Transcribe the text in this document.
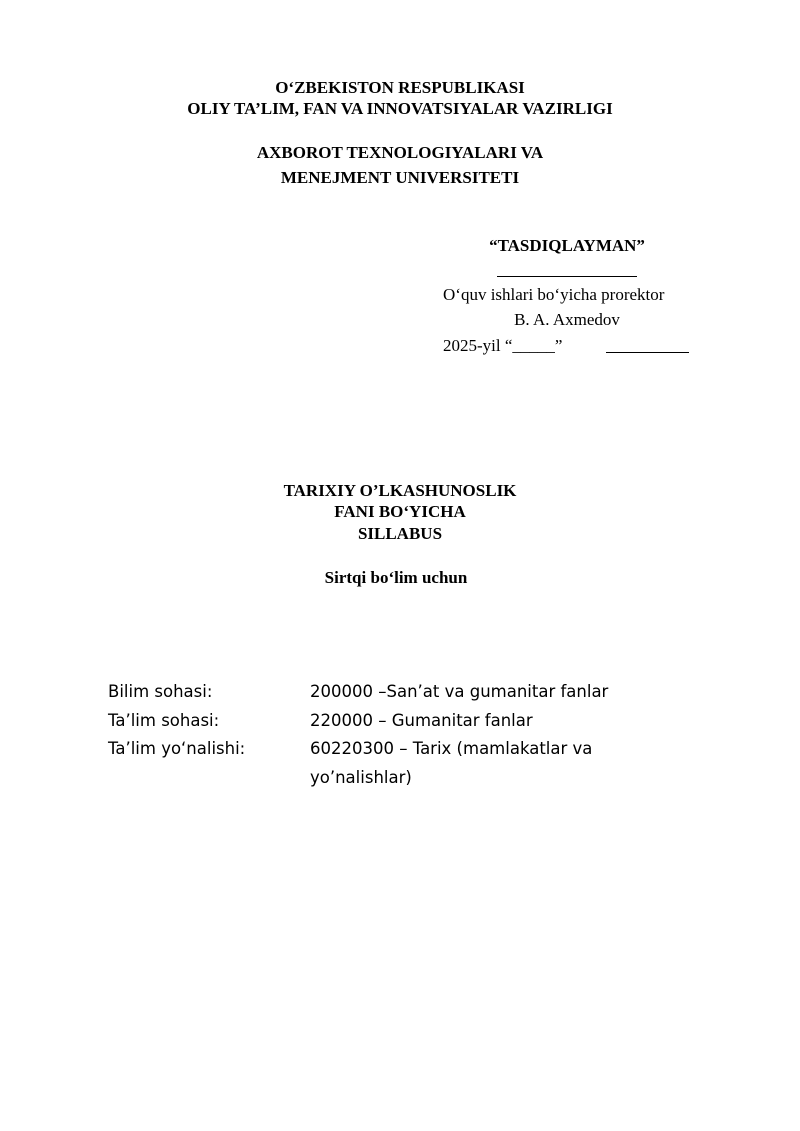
O‘ZBEKISTON RESPUBLIKASI
OLIY TA’LIM, FAN VA INNOVATSIYALAR VAZIRLIGI
AXBOROT TEXNOLOGIYALARI VA
MENEJMENT UNIVERSITETI
“TASDIQLAYMAN”
O‘quv ishlari bo‘yicha prorektor
B. A. Axmedov
2025-yil “_____”
TARIXIY O’LKASHUNOSLIK
FANI BO‘YICHA
SILLABUS
Sirtqi bo‘lim uchun
Bilim sohasi:	200000 –San’at va gumanitar fanlar
Ta’lim sohasi:	220000 – Gumanitar fanlar
Ta’lim yo‘nalishi:	60220300 – Tarix (mamlakatlar va yo’nalishlar)
